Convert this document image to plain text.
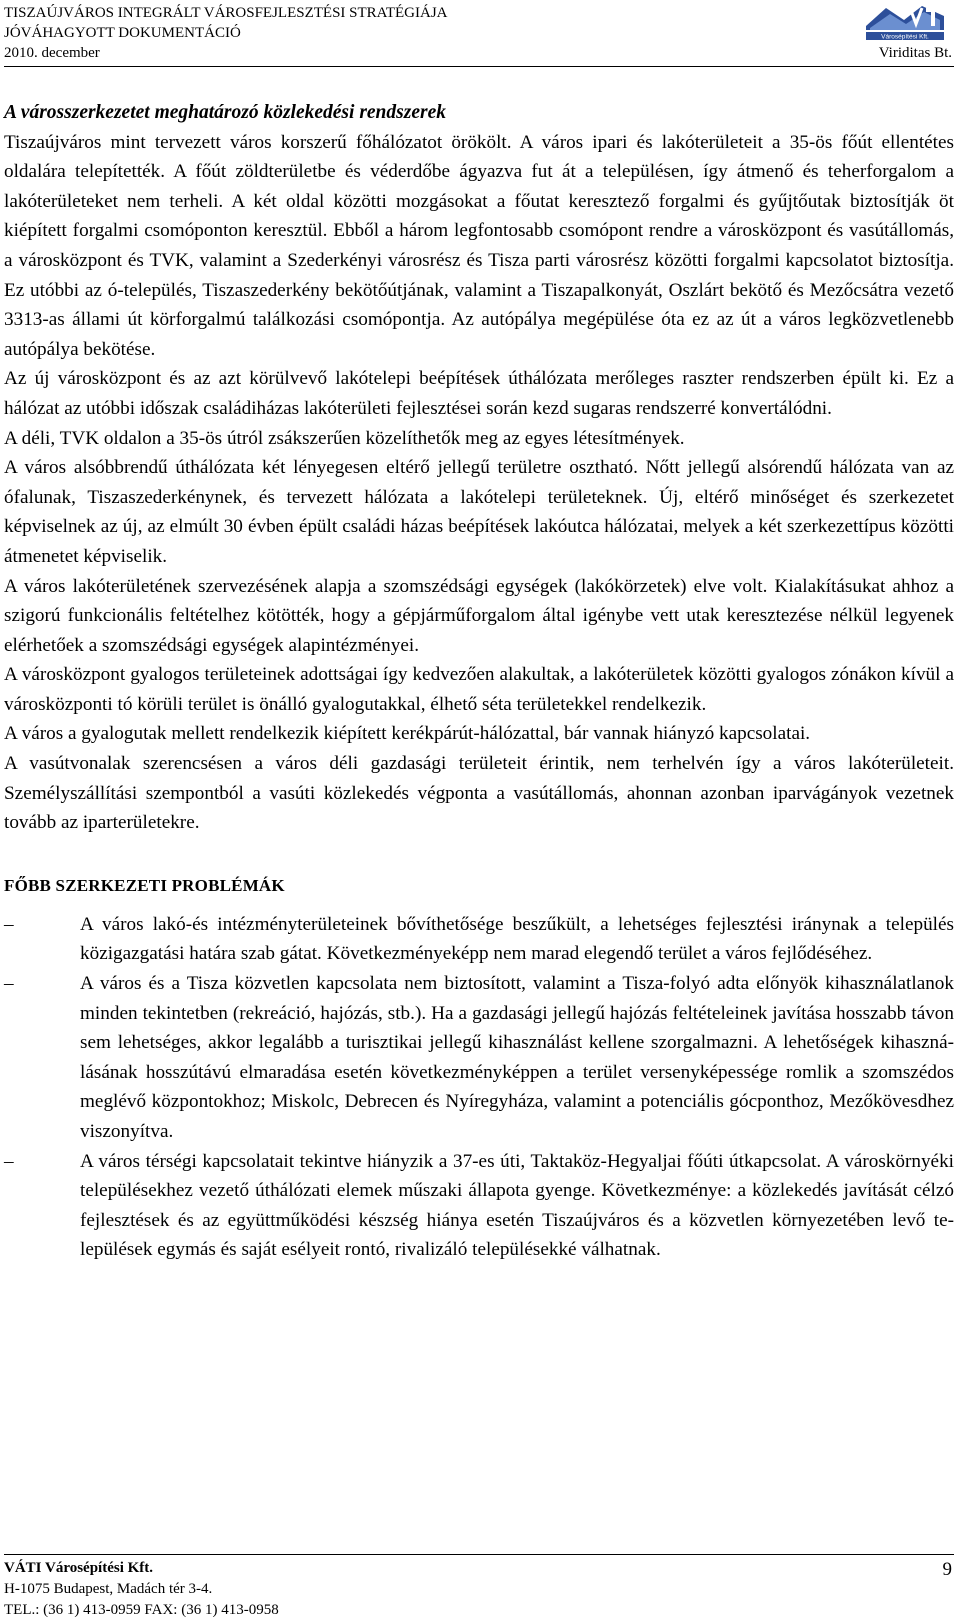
TISZAÚJVÁROS INTEGRÁLT VÁROSFEJLESZTÉSI STRATÉGIÁJA
JÓVÁHAGYOTT DOKUMENTÁCIÓ
2010. december	Viriditas Bt.
Városépítési Kft.
A városszerkezetet meghatározó közlekedési rendszerek

Tiszaújváros mint tervezett város korszerű főhálózatot örökölt. A város ipari és lakóterületeit a 35-ös főút ellentétes oldalára telepítették. A főút zöldterületbe és véderdőbe ágyazva fut át a településen, így átmenő és teherforgalom a lakóterületeket nem terheli. A két oldal közötti mozgásokat a főutat keresztező forgalmi és gyűjtőutak biztosítják öt kiépített forgalmi csomóponton keresztül. Ebből a három legfontosabb csomópont rendre a városközpont és vasútállomás, a városközpont és TVK, valamint a Szederkényi városrész és Tisza parti városrész közötti forgalmi kapcsolatot biztosítja. Ez utóbbi az ó-település, Tiszaszederkény bekötőútjának, valamint a Tiszapalkonyát, Oszlárt bekötő és Mezőcsátra vezető 3313-as állami út körforgalmú találkozási csomópontja. Az autópálya megépülése óta ez az út a város legközvetlenebb autópálya bekötése.

Az új városközpont és az azt körülvevő lakótelepi beépítések úthálózata merőleges raszter rendszerben épült ki. Ez a hálózat az utóbbi időszak családiházas lakóterületi fejlesztései során kezd sugaras rendszerré konvertálódni.

A déli, TVK oldalon a 35-ös útról zsákszerűen közelíthetők meg az egyes létesítmények.

A város alsóbbrendű úthálózata két lényegesen eltérő jellegű területre osztható. Nőtt jellegű alsórendű hálózata van az ófalunak, Tiszaszederkénynek, és tervezett hálózata a lakótelepi területeknek. Új, eltérő minőséget és szerkezetet képviselnek az új, az elmúlt 30 évben épült családi házas beépítések lakóutca hálózatai, melyek a két szerkezettípus közötti átmenetet képviselik.

A város lakóterületének szervezésének alapja a szomszédsági egységek (lakókörzetek) elve volt. Kialakításukat ahhoz a szigorú funkcionális feltételhez kötötték, hogy a gépjárműforgalom által igénybe vett utak keresztezése nélkül legyenek elérhetőek a szomszédsági egységek alapintézményei.

A városközpont gyalogos területeinek adottságai így kedvezően alakultak, a lakóterületek közötti gyalogos zónákon kívül a városközponti tó körüli terület is önálló gyalogutakkal, élhető séta területekkel rendelkezik.

A város a gyalogutak mellett rendelkezik kiépített kerékpárút-hálózattal, bár vannak hiányzó kapcsolatai.

A vasútvonalak szerencsésen a város déli gazdasági területeit érintik, nem terhelvén így a város lakóterületeit. Személyszállítási szempontból a vasúti közlekedés végponta a vasútállomás, ahonnan azonban iparvágányok vezetnek tovább az iparterületekre.

FŐBB SZERKEZETI PROBLÉMÁK
–	A város lakó-és intézményterületeinek bővíthetősége beszűkült, a lehetséges fejlesztési iránynak a település közigazgatási határa szab gátat. Következményeképp nem marad elegendő terület a város fejlődéséhez.
–	A város és a Tisza közvetlen kapcsolata nem biztosított, valamint a Tisza-folyó adta előnyök kihasználatlanok minden tekintetben (rekreáció, hajózás, stb.). Ha a gazdasági jellegű hajózás feltételeinek javítása hosszabb távon sem lehetséges, akkor legalább a turisztikai jellegű kihasználást kellene szorgalmazni. A lehetőségek kihasználásának hosszútávú elmaradása esetén következményképpen a terület versenyképessége romlik a szomszédos meglévő központokhoz; Miskolc, Debrecen és Nyíregyháza, valamint a potenciális gócponthoz, Mezőkövesdhez viszonyítva.
–	A város térségi kapcsolatait tekintve hiányzik a 37-es úti, Taktaköz-Hegyaljai főúti útkapcsolat. A városkörnyéki településekhez vezető úthálózati elemek műszaki állapota gyenge. Következménye: a közlekedés javítását célzó fejlesztések és az együttműködési készség hiánya esetén Tiszaújváros és a közvetlen környezetében levő települések egymás és saját esélyeit rontó, rivalizáló településekké válhatnak.
VÁTI Városépítési Kft.
H-1075 Budapest, Madách tér 3-4.
TEL.: (36 1) 413-0959 FAX: (36 1) 413-0958
9
